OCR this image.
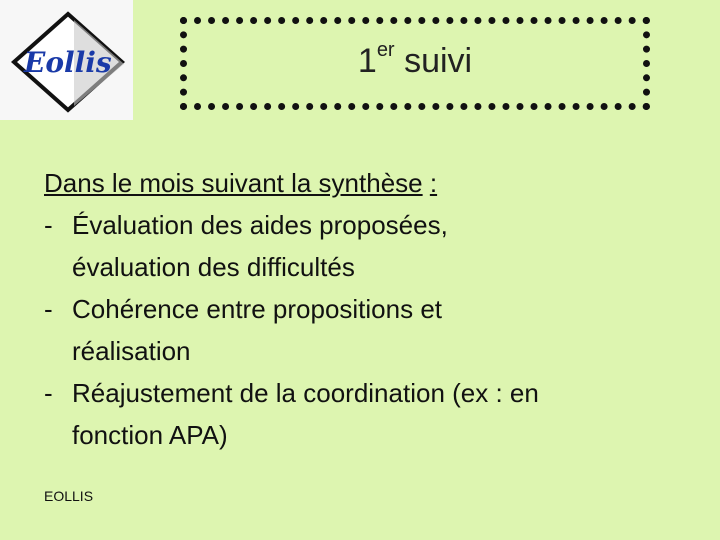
Eollis	1er suivi
Dans le mois suivant la synthèse :
- Évaluation des aides proposées,
évaluation des difficultés
- Cohérence entre propositions et
réalisation
- Réajustement de la coordination (ex : en
fonction APA)
EOLLIS
